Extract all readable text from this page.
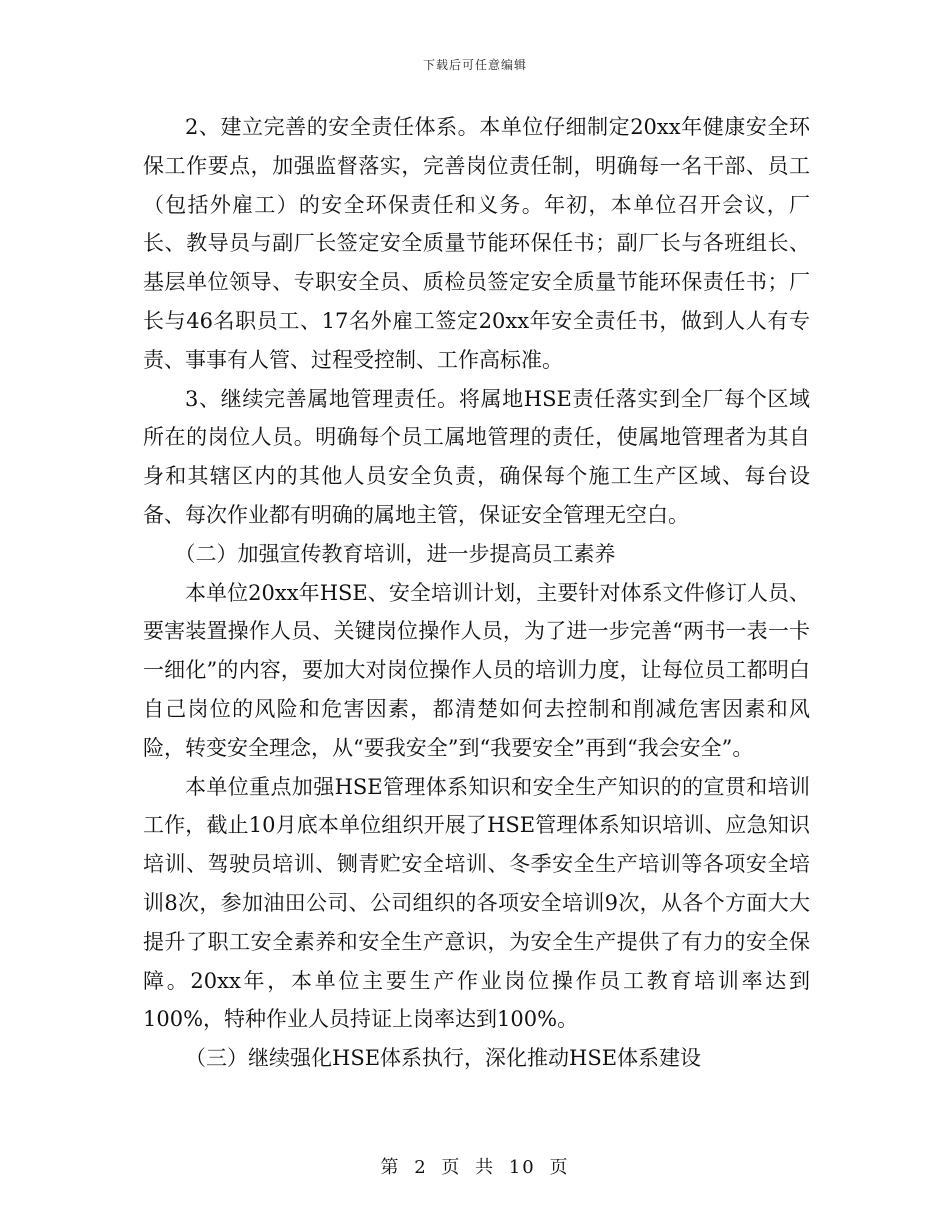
下载后可任意编辑

2、建立完善的安全责任体系。本单位仔细制定20xx年健康安全环保工作要点，加强监督落实，完善岗位责任制，明确每一名干部、员工（包括外雇工）的安全环保责任和义务。年初，本单位召开会议，厂长、教导员与副厂长签定安全质量节能环保任书；副厂长与各班组长、基层单位领导、专职安全员、质检员签定安全质量节能环保责任书；厂长与46名职员工、17名外雇工签定20xx年安全责任书，做到人人有专责、事事有人管、过程受控制、工作高标准。

3、继续完善属地管理责任。将属地HSE责任落实到全厂每个区域所在的岗位人员。明确每个员工属地管理的责任，使属地管理者为其自身和其辖区内的其他人员安全负责，确保每个施工生产区域、每台设备、每次作业都有明确的属地主管，保证安全管理无空白。

（二）加强宣传教育培训，进一步提高员工素养

本单位20xx年HSE、安全培训计划，主要针对体系文件修订人员、要害装置操作人员、关键岗位操作人员，为了进一步完善“两书一表一卡一细化”的内容，要加大对岗位操作人员的培训力度，让每位员工都明白自己岗位的风险和危害因素，都清楚如何去控制和削减危害因素和风险，转变安全理念，从“要我安全”到“我要安全”再到“我会安全”。

本单位重点加强HSE管理体系知识和安全生产知识的的宣贯和培训工作，截止10月底本单位组织开展了HSE管理体系知识培训、应急知识培训、驾驶员培训、铡青贮安全培训、冬季安全生产培训等各项安全培训8次，参加油田公司、公司组织的各项安全培训9次，从各个方面大大提升了职工安全素养和安全生产意识，为安全生产提供了有力的安全保障。20xx年，本单位主要生产作业岗位操作员工教育培训率达到100%，特种作业人员持证上岗率达到100%。

（三）继续强化HSE体系执行，深化推动HSE体系建设

第 2 页 共 10 页
